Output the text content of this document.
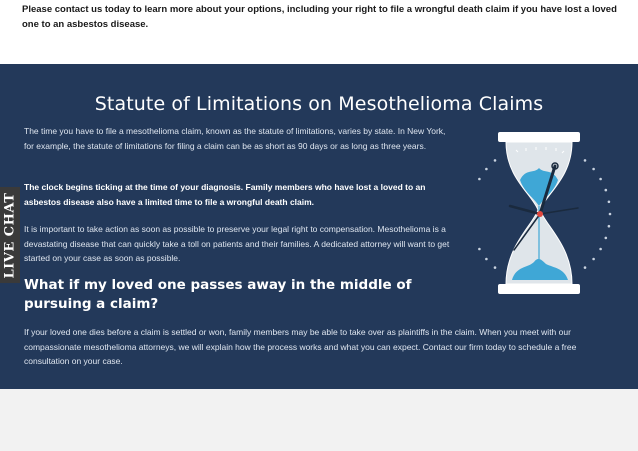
Please contact us today to learn more about your options, including your right to file a wrongful death claim if you have lost a loved one to an asbestos disease.
Statute of Limitations on Mesothelioma Claims

The time you have to file a mesothelioma claim, known as the statute of limitations, varies by state. In New York, for example, the statute of limitations for filing a claim can be as short as 90 days or as long as three years.

The clock begins ticking at the time of your diagnosis. Family members who have lost a loved to an asbestos disease also have a limited time to file a wrongful death claim.

It is important to take action as soon as possible to preserve your legal right to compensation. Mesothelioma is a devastating disease that can quickly take a toll on patients and their families. A dedicated attorney will want to get started on your case as soon as possible.

What if my loved one passes away in the middle of pursuing a claim?

If your loved one dies before a claim is settled or won, family members may be able to take over as plaintiffs in the claim. When you meet with our compassionate mesothelioma attorneys, we will explain how the process works and what you can expect. Contact our firm today to schedule a free consultation on your case.

LIVE CHAT
